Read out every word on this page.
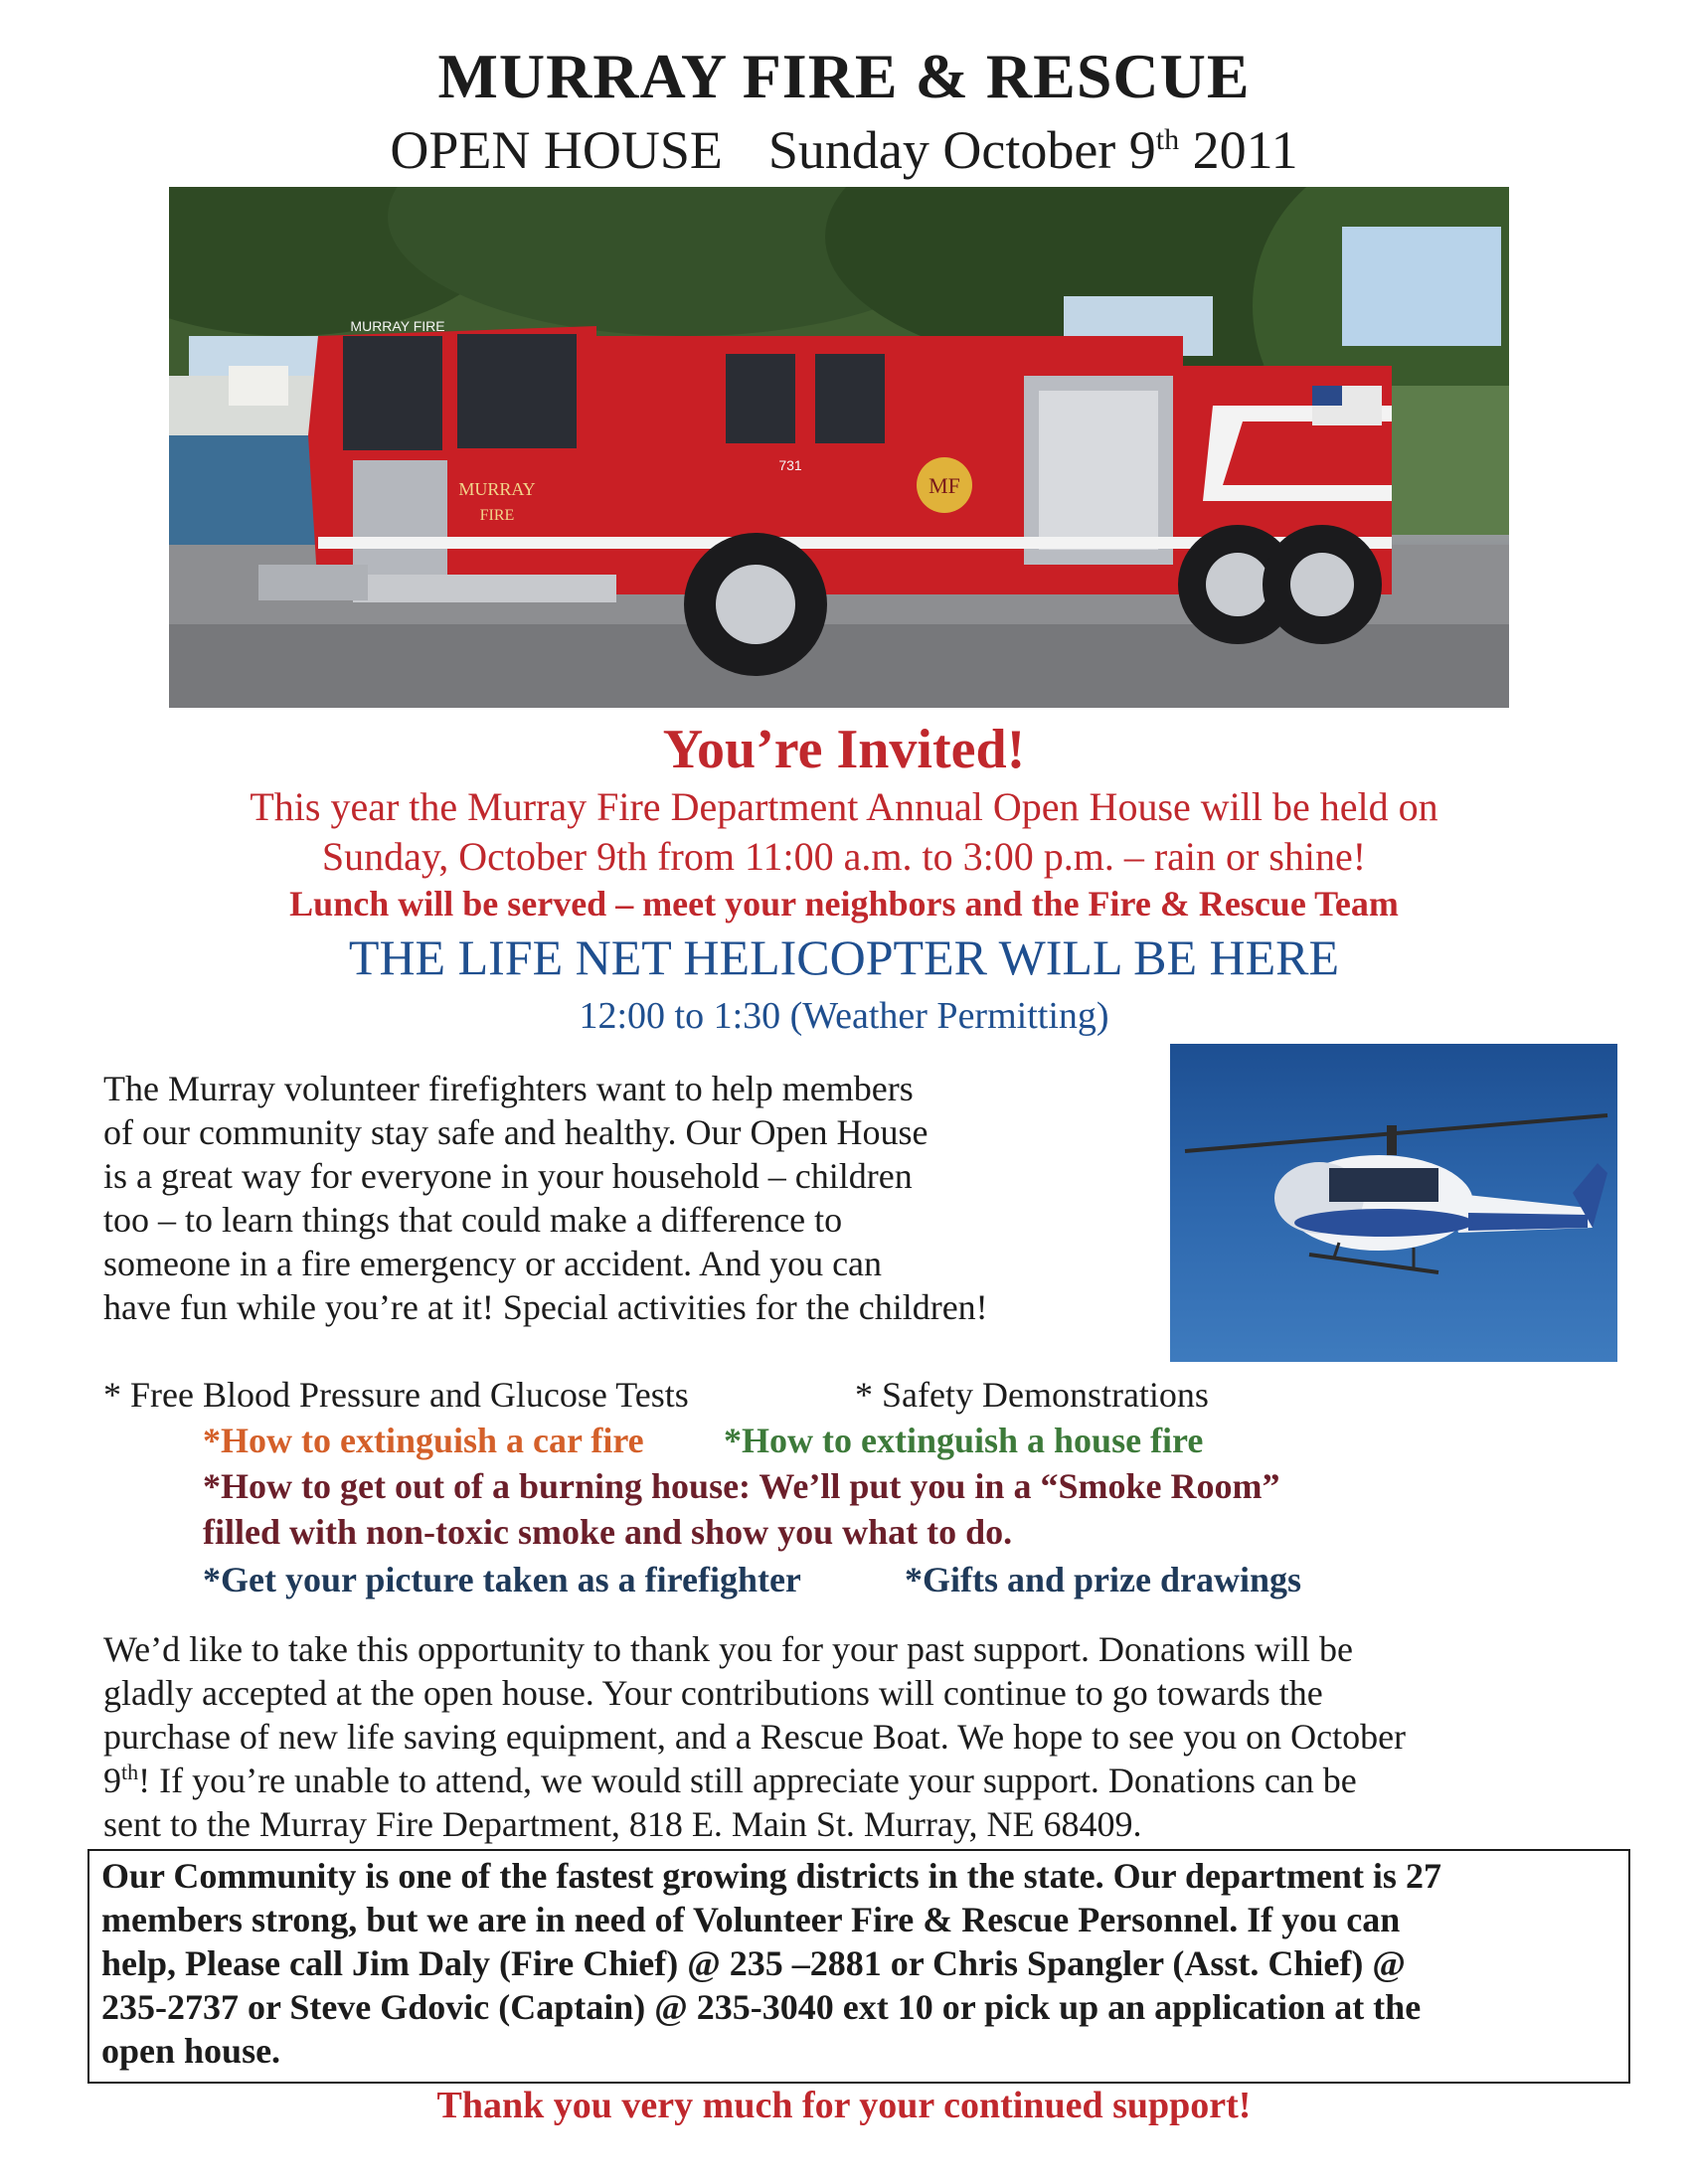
MURRAY FIRE & RESCUE
OPEN HOUSE Sunday October 9th 2011
MF
MURRAY
FIRE
MURRAY FIRE
731
You’re Invited!
This year the Murray Fire Department Annual Open House will be held on
Sunday, October 9th from 11:00 a.m. to 3:00 p.m. – rain or shine!
Lunch will be served – meet your neighbors and the Fire & Rescue Team
THE LIFE NET HELICOPTER WILL BE HERE
12:00 to 1:30 (Weather Permitting)
The Murray volunteer firefighters want to help members
of our community stay safe and healthy. Our Open House
is a great way for everyone in your household – children
too – to learn things that could make a difference to
someone in a fire emergency or accident. And you can
have fun while you’re at it! Special activities for the children!
* Free Blood Pressure and Glucose Tests	* Safety Demonstrations
*How to extinguish a car fire *How to extinguish a house fire
*How to get out of a burning house: We’ll put you in a “Smoke Room”
filled with non-toxic smoke and show you what to do.
*Get your picture taken as a firefighter	*Gifts and prize drawings
We’d like to take this opportunity to thank you for your past support. Donations will be
gladly accepted at the open house. Your contributions will continue to go towards the
purchase of new life saving equipment, and a Rescue Boat. We hope to see you on October
9th! If you’re unable to attend, we would still appreciate your support. Donations can be
sent to the Murray Fire Department, 818 E. Main St. Murray, NE 68409.
Our Community is one of the fastest growing districts in the state. Our department is 27
members strong, but we are in need of Volunteer Fire & Rescue Personnel. If you can
help, Please call Jim Daly (Fire Chief) @ 235 –2881 or Chris Spangler (Asst. Chief) @
235-2737 or Steve Gdovic (Captain) @ 235-3040 ext 10 or pick up an application at the
open house.
Thank you very much for your continued support!
